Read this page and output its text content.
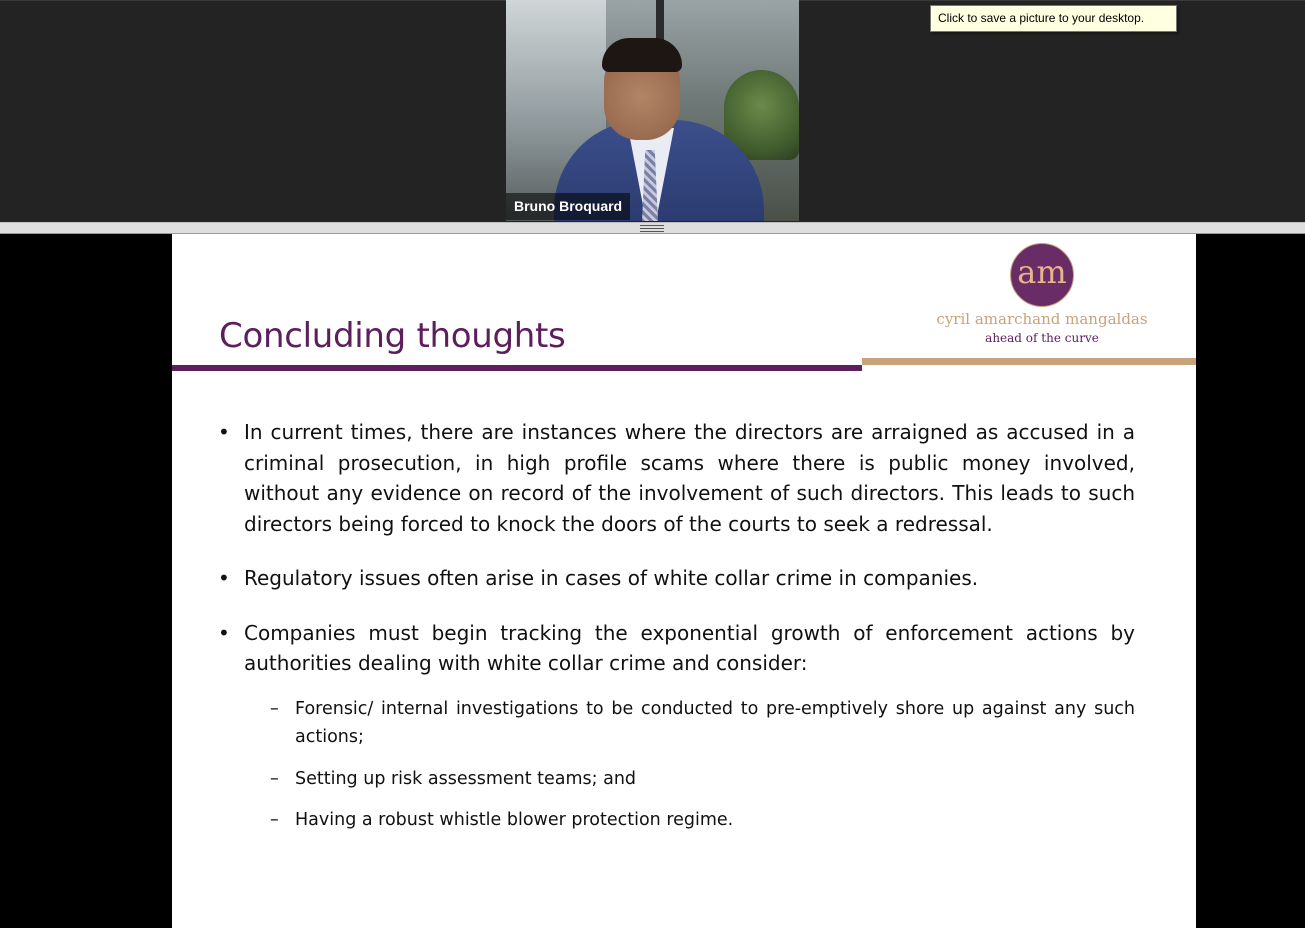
Bruno Broquard
Click to save a picture to your desktop.
am
cyril amarchand mangaldas
ahead of the curve
Concluding thoughts
• In current times, there are instances where the directors are arraigned as accused in a criminal prosecution, in high profile scams where there is public money involved, without any evidence on record of the involvement of such directors. This leads to such directors being forced to knock the doors of the courts to seek a redressal.
• Regulatory issues often arise in cases of white collar crime in companies.
• Companies must begin tracking the exponential growth of enforcement actions by authorities dealing with white collar crime and consider:
– Forensic/ internal investigations to be conducted to pre-emptively shore up against any such actions;
– Setting up risk assessment teams; and
– Having a robust whistle blower protection regime.
